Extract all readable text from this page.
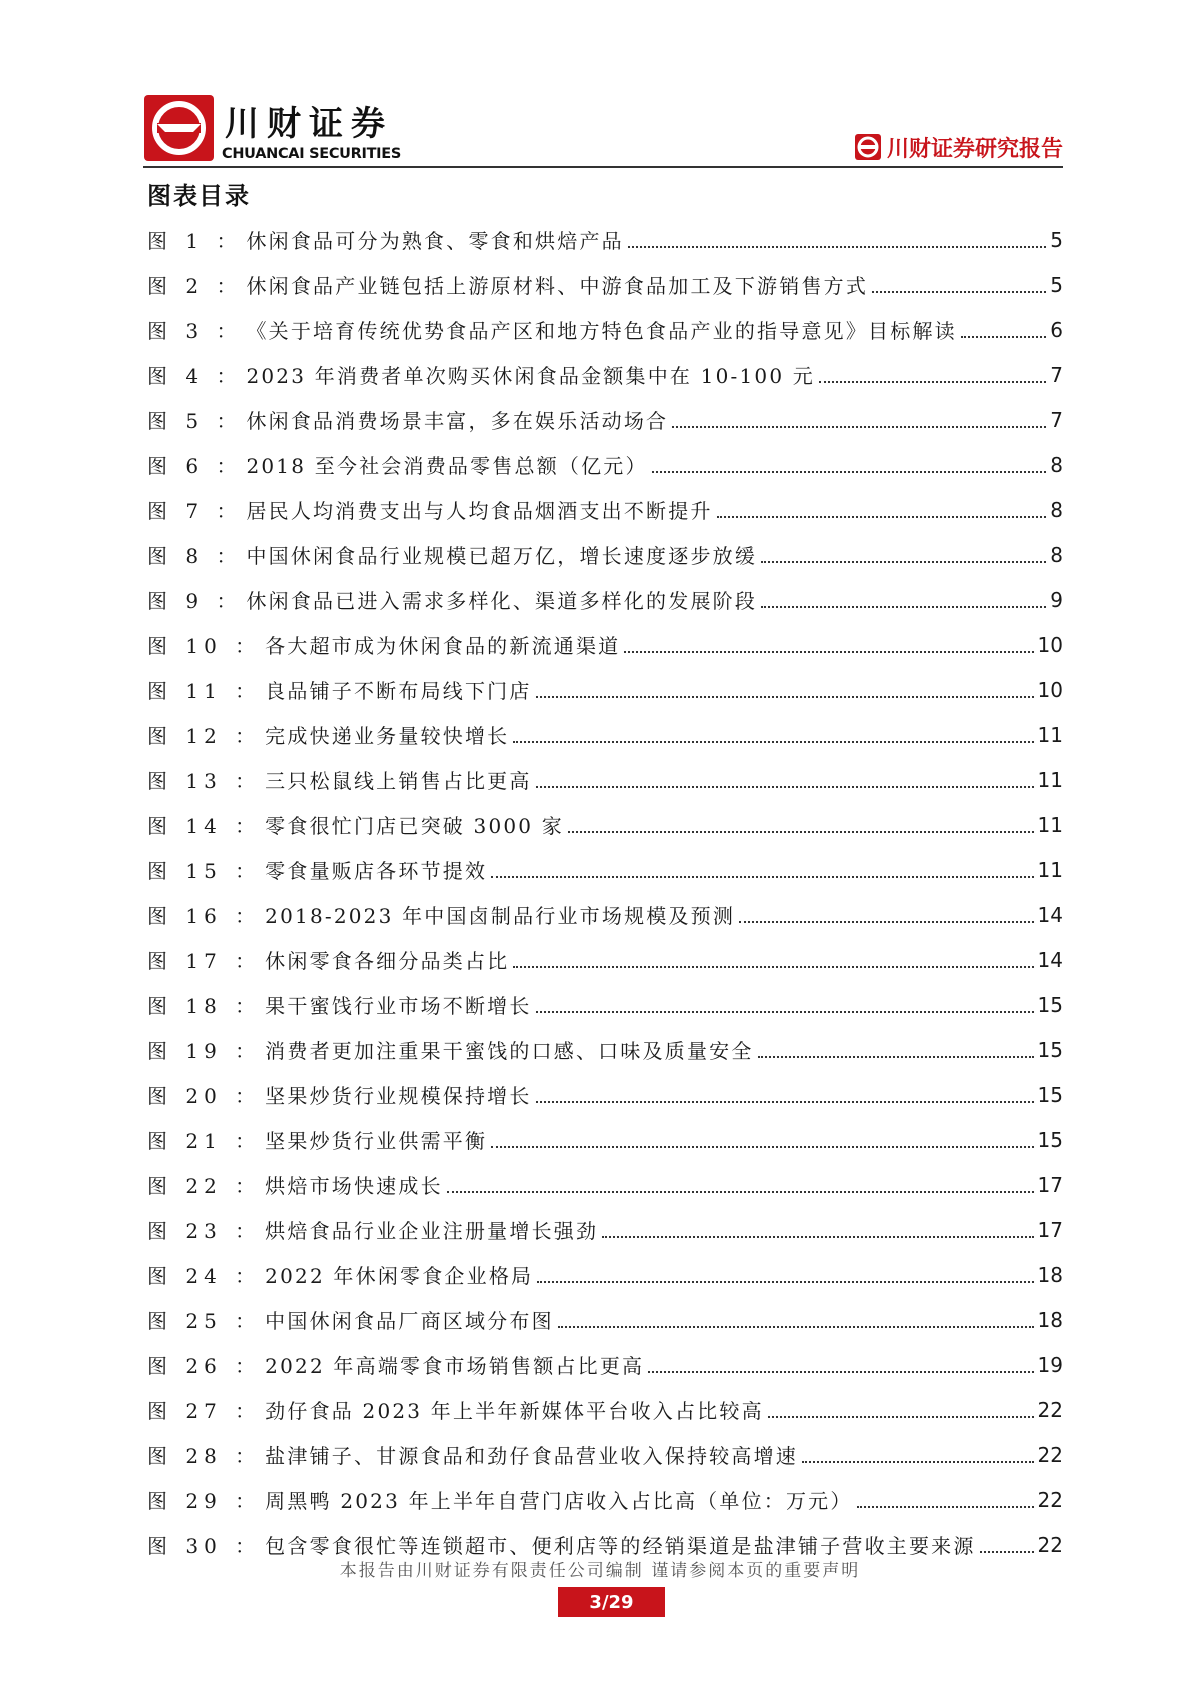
川财证券
CHUANCAI SECURITIES	川财证券研究报告
图表目录
图 1 ： 休闲食品可分为熟食、零食和烘焙产品	5
图 2 ： 休闲食品产业链包括上游原材料、中游食品加工及下游销售方式	5
图 3 ： 《关于培育传统优势食品产区和地方特色食品产业的指导意见》目标解读	6
图 4 ： 2023 年消费者单次购买休闲食品金额集中在 10-100 元	7
图 5 ： 休闲食品消费场景丰富，多在娱乐活动场合	7
图 6 ： 2018 至今社会消费品零售总额（亿元）	8
图 7 ： 居民人均消费支出与人均食品烟酒支出不断提升	8
图 8 ： 中国休闲食品行业规模已超万亿，增长速度逐步放缓	8
图 9 ： 休闲食品已进入需求多样化、渠道多样化的发展阶段	9
图 10 ： 各大超市成为休闲食品的新流通渠道	10
图 11 ： 良品铺子不断布局线下门店	10
图 12 ： 完成快递业务量较快增长	11
图 13 ： 三只松鼠线上销售占比更高	11
图 14 ： 零食很忙门店已突破 3000 家	11
图 15 ： 零食量贩店各环节提效	11
图 16 ： 2018-2023 年中国卤制品行业市场规模及预测	14
图 17 ： 休闲零食各细分品类占比	14
图 18 ： 果干蜜饯行业市场不断增长	15
图 19 ： 消费者更加注重果干蜜饯的口感、口味及质量安全	15
图 20 ： 坚果炒货行业规模保持增长	15
图 21 ： 坚果炒货行业供需平衡	15
图 22 ： 烘焙市场快速成长	17
图 23 ： 烘焙食品行业企业注册量增长强劲	17
图 24 ： 2022 年休闲零食企业格局	18
图 25 ： 中国休闲食品厂商区域分布图	18
图 26 ： 2022 年高端零食市场销售额占比更高	19
图 27 ： 劲仔食品 2023 年上半年新媒体平台收入占比较高	22
图 28 ： 盐津铺子、甘源食品和劲仔食品营业收入保持较高增速	22
图 29 ： 周黑鸭 2023 年上半年自营门店收入占比高（单位：万元）	22
图 30 ： 包含零食很忙等连锁超市、便利店等的经销渠道是盐津铺子营收主要来源	22
本报告由川财证券有限责任公司编制 谨请参阅本页的重要声明
3/29
